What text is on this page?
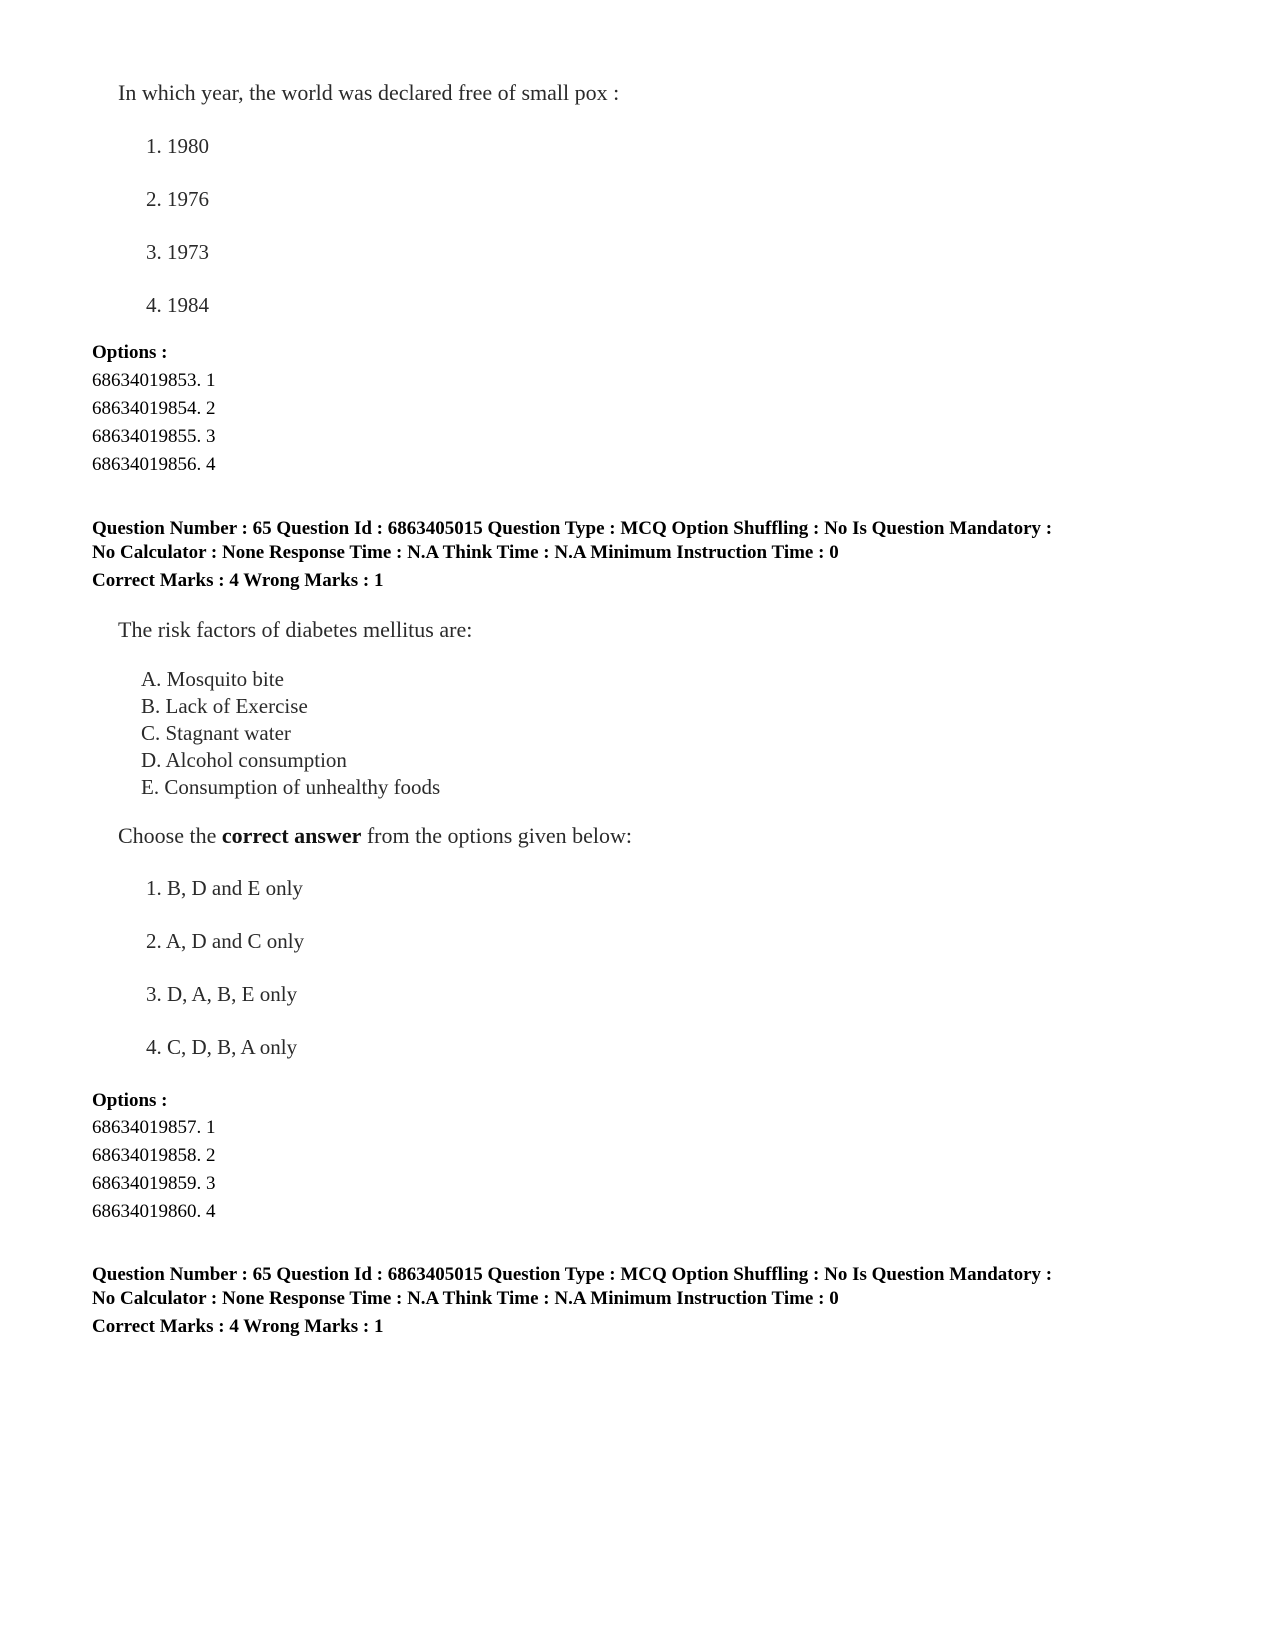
In which year, the world was declared free of small pox :

1. 1980

2. 1976

3. 1973

4. 1984

Options :

68634019853. 1

68634019854. 2

68634019855. 3

68634019856. 4

Question Number : 65 Question Id : 6863405015 Question Type : MCQ Option Shuffling : No Is Question Mandatory :

No Calculator : None Response Time : N.A Think Time : N.A Minimum Instruction Time : 0

Correct Marks : 4 Wrong Marks : 1

The risk factors of diabetes mellitus are:

A. Mosquito bite

B. Lack of Exercise

C. Stagnant water

D. Alcohol consumption

E. Consumption of unhealthy foods

Choose the correct answer from the options given below:

1. B, D and E only

2. A, D and C only

3. D, A, B, E only

4. C, D, B, A only

Options :

68634019857. 1

68634019858. 2

68634019859. 3

68634019860. 4

Question Number : 65 Question Id : 6863405015 Question Type : MCQ Option Shuffling : No Is Question Mandatory :

No Calculator : None Response Time : N.A Think Time : N.A Minimum Instruction Time : 0

Correct Marks : 4 Wrong Marks : 1
